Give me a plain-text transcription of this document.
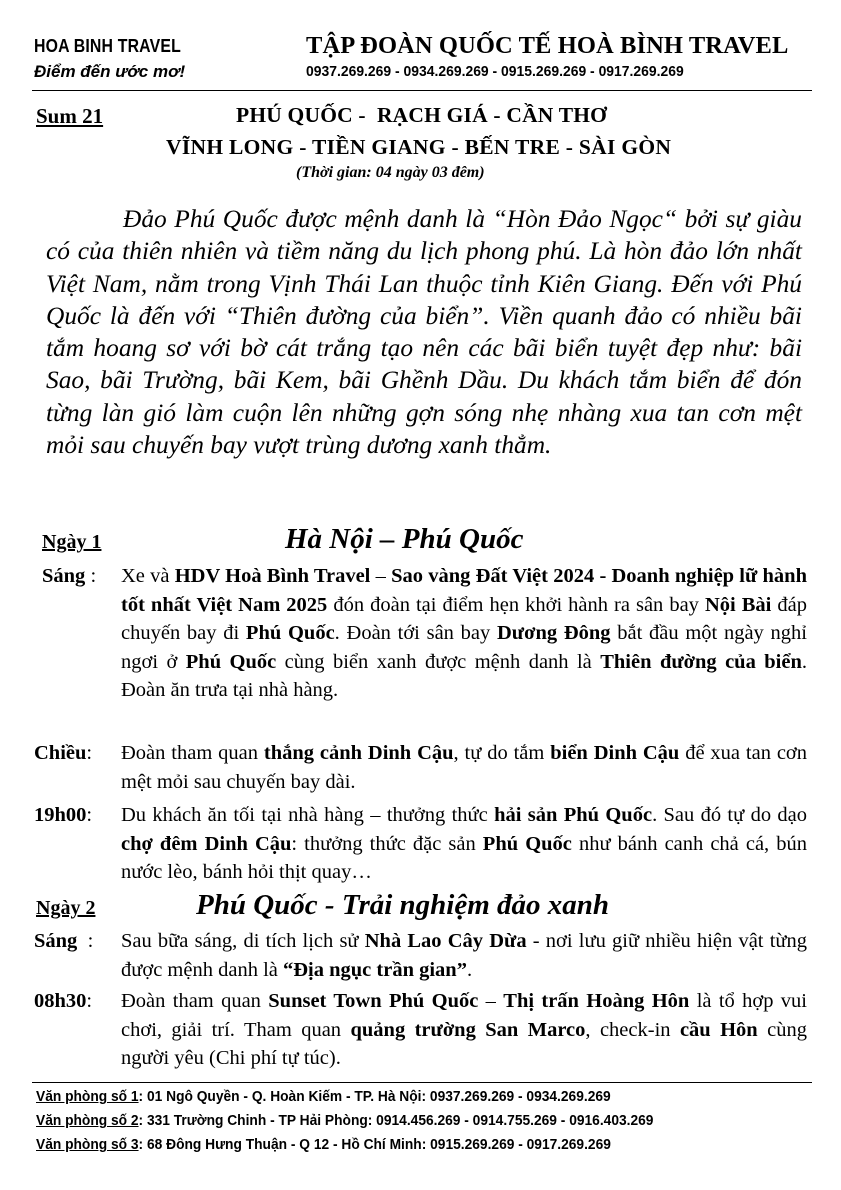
HOA BINH TRAVEL
Điểm đến ước mơ!
TẬP ĐOÀN QUỐC TẾ HOÀ BÌNH TRAVEL
0937.269.269 - 0934.269.269 - 0915.269.269 - 0917.269.269
Sum 21	PHÚ QUỐC -  RẠCH GIÁ - CẦN THƠ
VĨNH LONG - TIỀN GIANG - BẾN TRE - SÀI GÒN
(Thời gian: 04 ngày 03 đêm)

Đảo Phú Quốc được mệnh danh là “Hòn Đảo Ngọc“ bởi sự giàu có của thiên nhiên và tiềm năng du lịch phong phú. Là hòn đảo lớn nhất Việt Nam, nằm trong Vịnh Thái Lan thuộc tỉnh Kiên Giang. Đến với Phú Quốc là đến với “Thiên đường của biển”. Viền quanh đảo có nhiều bãi tắm hoang sơ với bờ cát trắng tạo nên các bãi biển tuyệt đẹp như: bãi Sao, bãi Trường, bãi Kem, bãi Ghềnh Dầu. Du khách tắm biển để đón từng làn gió làm cuộn lên những gợn sóng nhẹ nhàng xua tan cơn mệt mỏi sau chuyến bay vượt trùng dương xanh thẳm.

Ngày 1	Hà Nội – Phú Quốc
Sáng : Xe và HDV Hoà Bình Travel – Sao vàng Đất Việt 2024 - Doanh nghiệp lữ hành tốt nhất Việt Nam 2025 đón đoàn tại điểm hẹn khởi hành ra sân bay Nội Bài đáp chuyến bay đi Phú Quốc. Đoàn tới sân bay Dương Đông bắt đầu một ngày nghỉ ngơi ở Phú Quốc cùng biển xanh được mệnh danh là Thiên đường của biển. Đoàn ăn trưa tại nhà hàng.

Chiều: Đoàn tham quan thắng cảnh Dinh Cậu, tự do tắm biển Dinh Cậu để xua tan cơn mệt mỏi sau chuyến bay dài.

19h00: Du khách ăn tối tại nhà hàng – thưởng thức hải sản Phú Quốc. Sau đó tự do dạo chợ đêm Dinh Cậu: thưởng thức đặc sản Phú Quốc như bánh canh chả cá, bún nước lèo, bánh hỏi thịt quay…

Ngày 2	Phú Quốc - Trải nghiệm đảo xanh
Sáng  : Sau bữa sáng, di tích lịch sử Nhà Lao Cây Dừa - nơi lưu giữ nhiều hiện vật từng được mệnh danh là “Địa ngục trần gian”.

08h30: Đoàn tham quan Sunset Town Phú Quốc – Thị trấn Hoàng Hôn là tổ hợp vui chơi, giải trí. Tham quan quảng trường San Marco, check-in cầu Hôn cùng người yêu (Chi phí tự túc).

Văn phòng số 1: 01 Ngô Quyền - Q. Hoàn Kiếm - TP. Hà Nội: 0937.269.269 - 0934.269.269
Văn phòng số 2: 331 Trường Chinh - TP Hải Phòng: 0914.456.269 - 0914.755.269 - 0916.403.269
Văn phòng số 3: 68 Đông Hưng Thuận - Q 12 - Hồ Chí Minh: 0915.269.269 - 0917.269.269
